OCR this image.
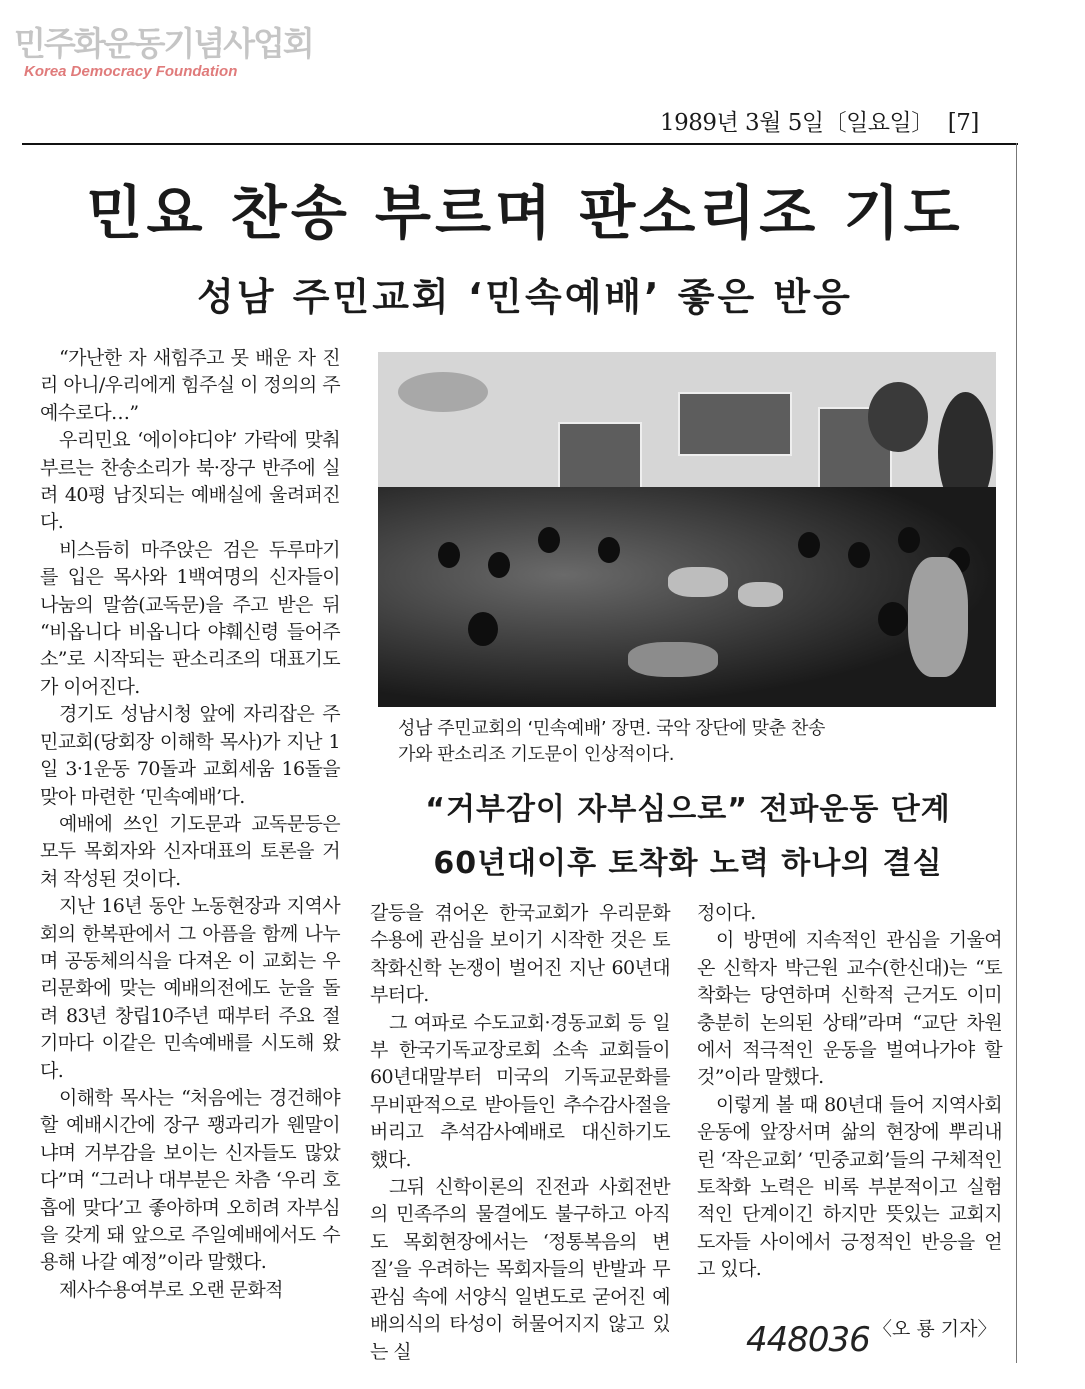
민주화운동기념사업회
Korea Democracy Foundation
1989년 3월 5일〔일요일〕 [7]
민요 찬송 부르며 판소리조 기도
성남 주민교회 ‘민속예배’ 좋은 반응

“가난한 자 새힘주고 못 배운 자 진리 아니/우리에게 힘주실 이 정의의 주 예수로다…”

우리민요 ‘에이야디야’ 가락에 맞춰 부르는 찬송소리가 북·장구 반주에 실려 40평 남짓되는 예배실에 울려퍼진다.

비스듬히 마주앉은 검은 두루마기를 입은 목사와 1백여명의 신자들이 나눔의 말씀(교독문)을 주고 받은 뒤 “비옵니다 비옵니다 야훼신령 들어주소”로 시작되는 판소리조의 대표기도가 이어진다.

경기도 성남시청 앞에 자리잡은 주민교회(당회장 이해학 목사)가 지난 1일 3·1운동 70돌과 교회세움 16돌을 맞아 마련한 ‘민속예배’다.

예배에 쓰인 기도문과 교독문등은 모두 목회자와 신자대표의 토론을 거쳐 작성된 것이다.

지난 16년 동안 노동현장과 지역사회의 한복판에서 그 아픔을 함께 나누며 공동체의식을 다져온 이 교회는 우리문화에 맞는 예배의전에도 눈을 돌려 83년 창립10주년 때부터 주요 절기마다 이같은 민속예배를 시도해 왔다.

이해학 목사는 “처음에는 경건해야 할 예배시간에 장구 꽹과리가 웬말이냐며 거부감을 보이는 신자들도 많았다”며 “그러나 대부분은 차츰 ‘우리 호흡에 맞다’고 좋아하며 오히려 자부심을 갖게 돼 앞으로 주일예배에서도 수용해 나갈 예정”이라 말했다.

제사수용여부로 오랜 문화적

성남 주민교회의 ‘민속예배’ 장면. 국악 장단에 맞춘 찬송
가와 판소리조 기도문이 인상적이다.
“거부감이 자부심으로” 전파운동 단계
60년대이후 토착화 노력 하나의 결실

갈등을 겪어온 한국교회가 우리문화 수용에 관심을 보이기 시작한 것은 토착화신학 논쟁이 벌어진 지난 60년대부터다.

그 여파로 수도교회·경동교회 등 일부 한국기독교장로회 소속 교회들이 60년대말부터 미국의 기독교문화를 무비판적으로 받아들인 추수감사절을 버리고 추석감사예배로 대신하기도 했다.

그뒤 신학이론의 진전과 사회전반의 민족주의 물결에도 불구하고 아직도 목회현장에서는 ‘정통복음의 변질’을 우려하는 목회자들의 반발과 무관심 속에 서양식 일변도로 굳어진 예배의식의 타성이 허물어지지 않고 있는 실

정이다.

이 방면에 지속적인 관심을 기울여온 신학자 박근원 교수(한신대)는 “토착화는 당연하며 신학적 근거도 이미 충분히 논의된 상태”라며 “교단 차원에서 적극적인 운동을 벌여나가야 할 것”이라 말했다.

이렇게 볼 때 80년대 들어 지역사회운동에 앞장서며 삶의 현장에 뿌리내린 ‘작은교회’ ‘민중교회’들의 구체적인 토착화 노력은 비록 부분적이고 실험적인 단계이긴 하지만 뜻있는 교회지도자들 사이에서 긍정적인 반응을 얻고 있다.

448036 〈오 룡 기자〉
